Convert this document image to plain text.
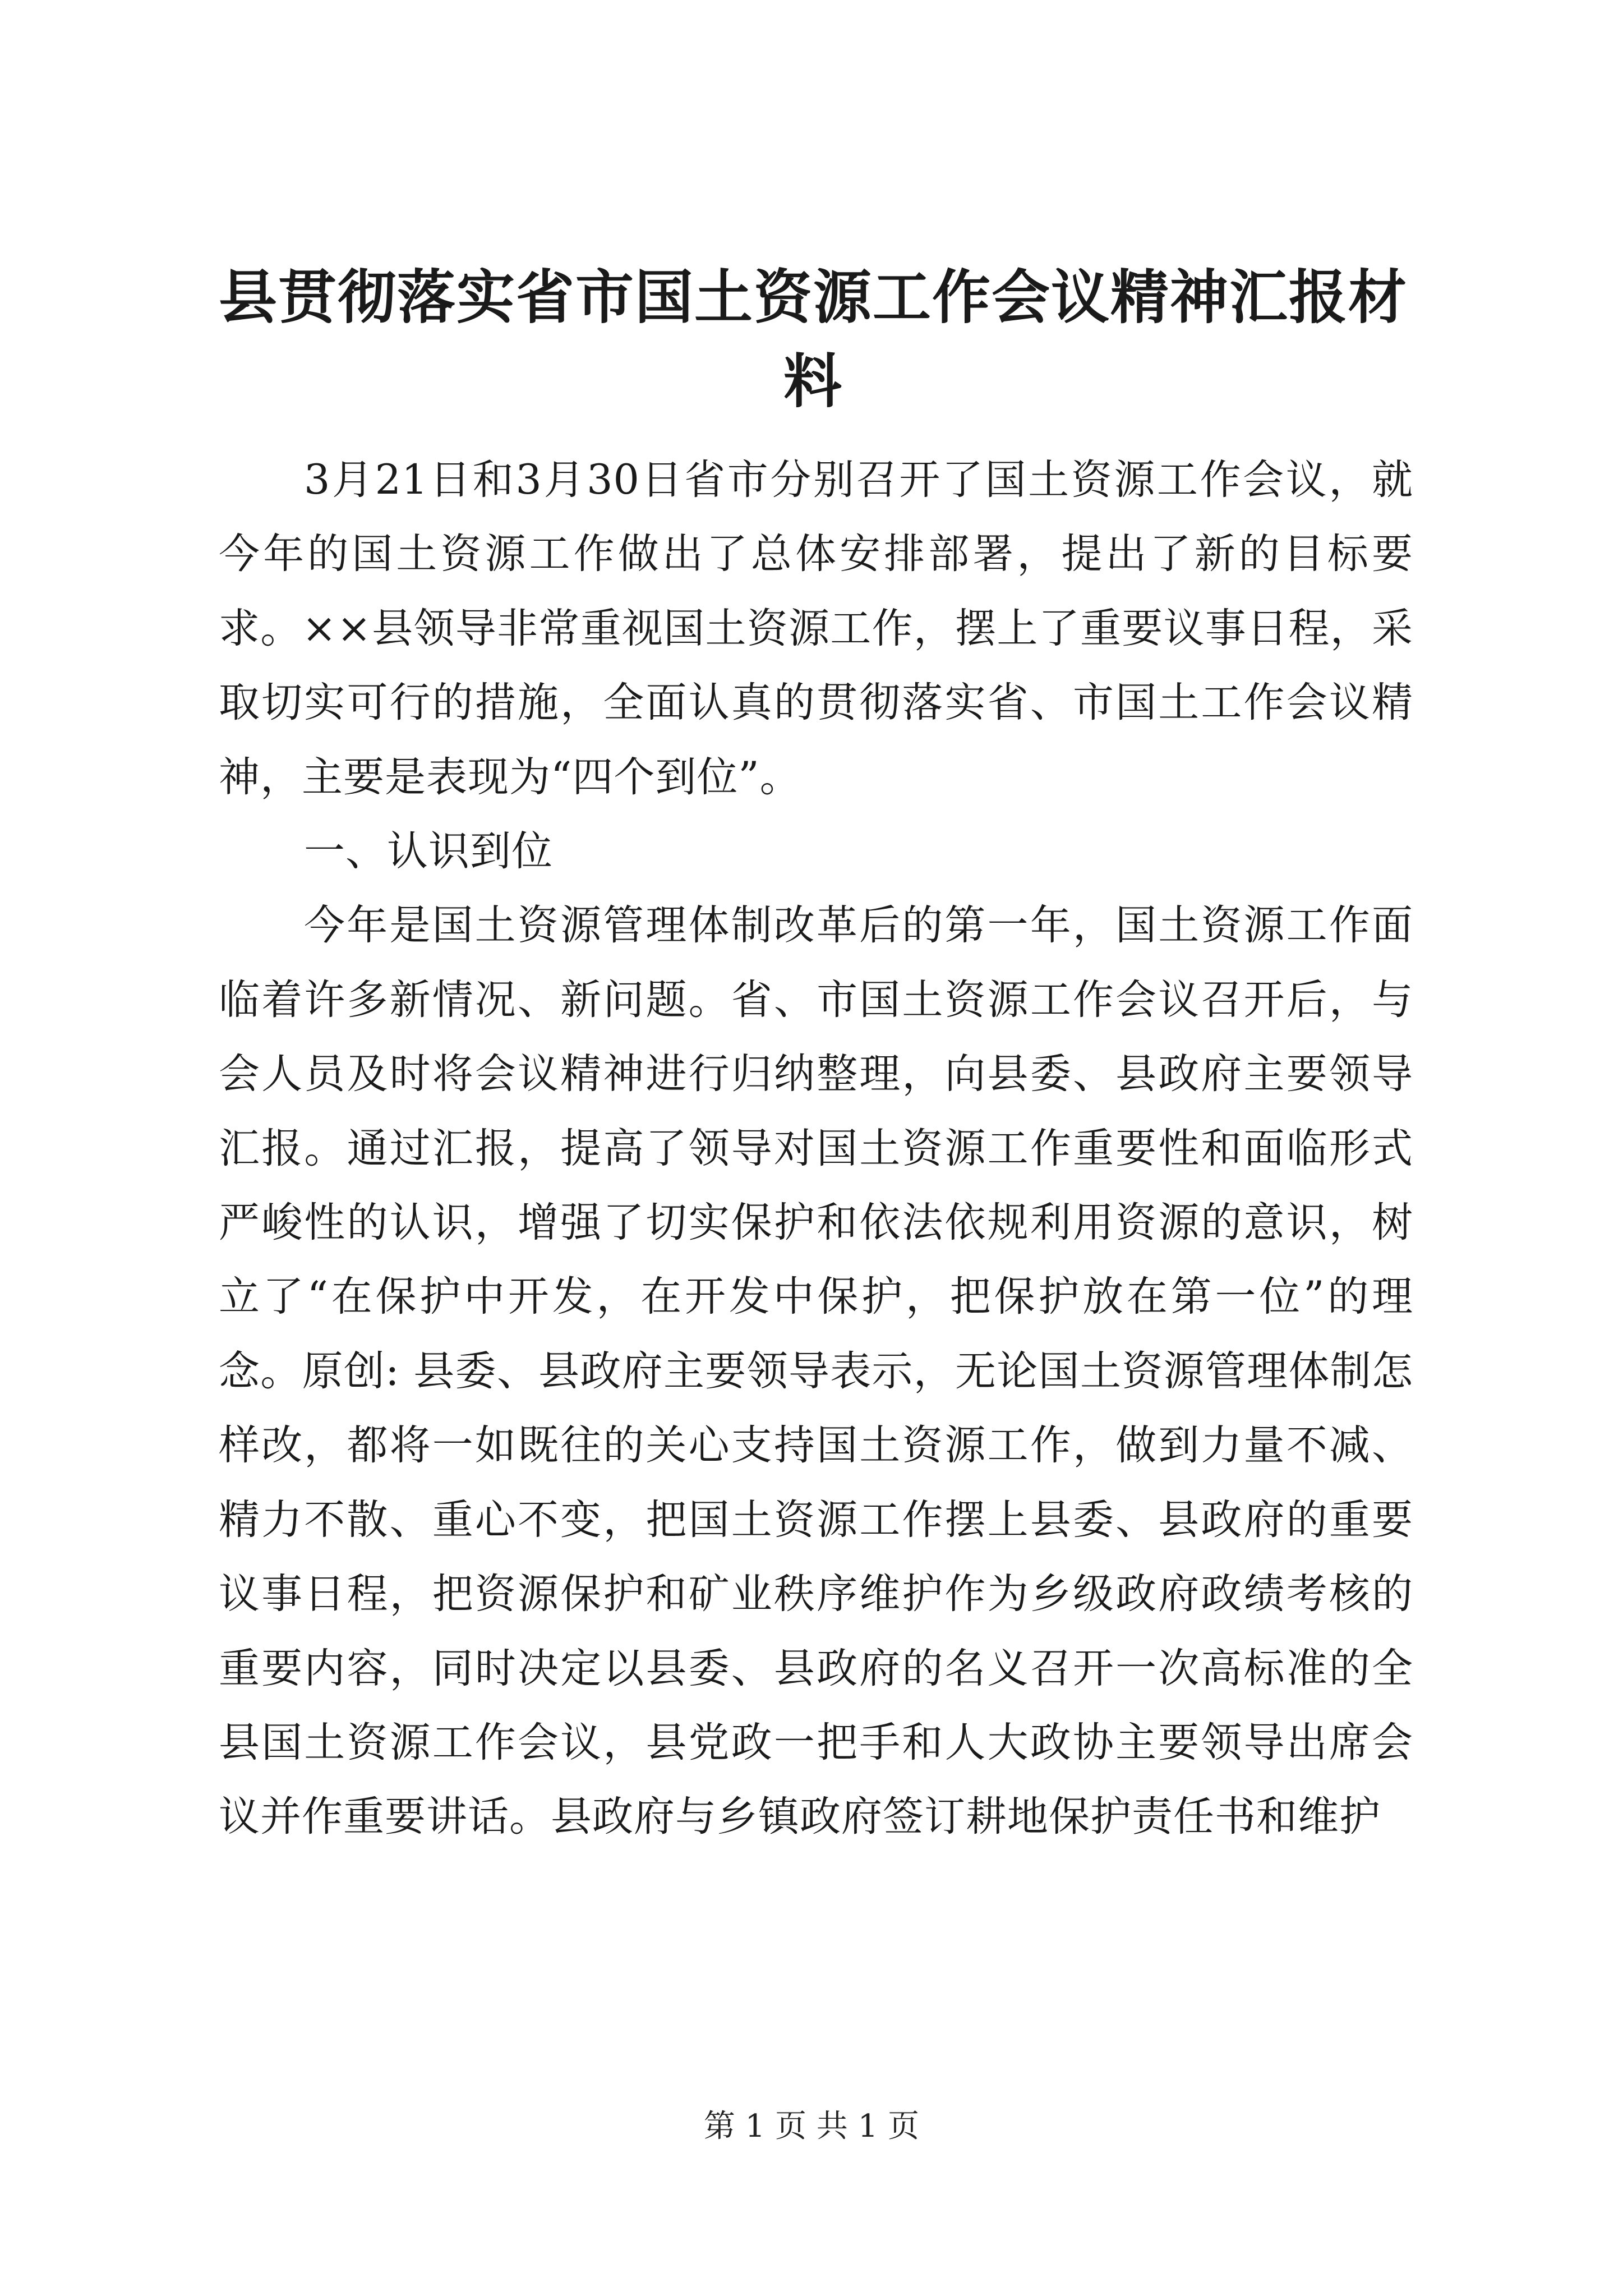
县贯彻落实省市国土资源工作会议精神汇报材料

3月21日和3月30日省市分别召开了国土资源工作会议，就今年的国土资源工作做出了总体安排部署，提出了新的目标要求。××县领导非常重视国土资源工作，摆上了重要议事日程，采取切实可行的措施，全面认真的贯彻落实省、市国土工作会议精神，主要是表现为“四个到位”。

一、认识到位

今年是国土资源管理体制改革后的第一年，国土资源工作面临着许多新情况、新问题。省、市国土资源工作会议召开后，与会人员及时将会议精神进行归纳整理，向县委、县政府主要领导汇报。通过汇报，提高了领导对国土资源工作重要性和面临形式严峻性的认识，增强了切实保护和依法依规利用资源的意识，树立了“在保护中开发，在开发中保护，把保护放在第一位”的理念。原创: 县委、县政府主要领导表示，无论国土资源管理体制怎样改，都将一如既往的关心支持国土资源工作，做到力量不减、精力不散、重心不变，把国土资源工作摆上县委、县政府的重要议事日程，把资源保护和矿业秩序维护作为乡级政府政绩考核的重要内容，同时决定以县委、县政府的名义召开一次高标准的全县国土资源工作会议，县党政一把手和人大政协主要领导出席会议并作重要讲话。县政府与乡镇政府签订耕地保护责任书和维护

第 1 页 共 1 页
